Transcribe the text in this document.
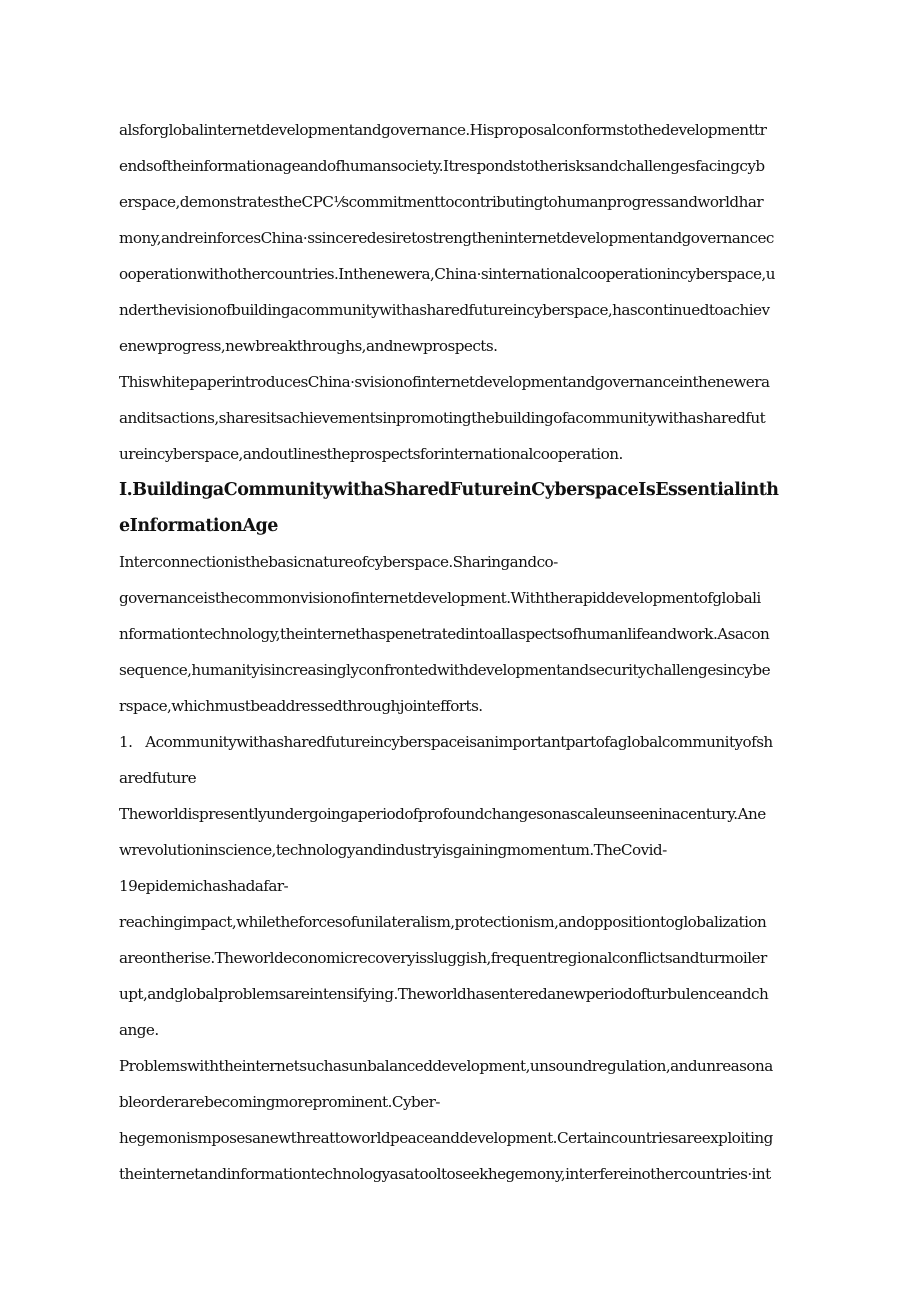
alsforglobalinternetdevelopmentandgovernance.Hisproposalconformstothedevelopmenttr
endsoftheinformationageandofhumansociety.Itrespondstotherisksandchallengesfacingcyb
erspace,demonstratestheCPC⅟scommitmenttocontributingtohumanprogressandworldhar
mony,andreinforcesChina·ssinceredesiretostrengtheninternetdevelopmentandgovernancec
ooperationwithothercountries.Inthenewera,China·sinternationalcooperationincyberspace,u
nderthevisionofbuildingacommunitywithasharedfutureincyberspace,hascontinuedtoachiev
enewprogress,newbreakthroughs,andnewprospects.
ThiswhitepaperintroducesChina·svisionofinternetdevelopmentandgovernanceinthenewera
anditsactions,sharesitsachievementsinpromotingthebuildingofacommunitywithasharedfut
ureincyberspace,andoutlinestheprospectsforinternationalcooperation.
I.BuildingaCommunitywithaSharedFutureinCyberspaceIsEssentialinth
eInformationAge
Interconnectionisthebasicnatureofcyberspace.Sharingandco-
governanceisthecommonvisionofinternetdevelopment.Withtherapiddevelopmentofglobali
nformationtechnology,theinternethaspenetratedintoallaspectsofhumanlifeandwork.Asacon
sequence,humanityisincreasinglyconfrontedwithdevelopmentandsecuritychallengesincybe
rspace,whichmustbeaddressedthroughjointefforts.
1.   Acommunitywithasharedfutureincyberspaceisanimportantpartofaglobalcommunityofsh
aredfuture
Theworldispresentlyundergoingaperiodofprofoundchangesonascaleunseeninacentury.Ane
wrevolutioninscience,technologyandindustryisgainingmomentum.TheCovid-
19epidemichashadafar-
reachingimpact,whiletheforcesofunilateralism,protectionism,andoppositiontoglobalization
areontherise.Theworldeconomicrecoveryissluggish,frequentregionalconflictsandturmoiler
upt,andglobalproblemsareintensifying.Theworldhasenteredanewperiodofturbulenceandch
ange.
Problemswiththeinternetsuchasunbalanceddevelopment,unsoundregulation,andunreasona
bleorderarebecomingmoreprominent.Cyber-
hegemonismposesanewthreattoworldpeaceanddevelopment.Certaincountriesareexploiting
theinternetandinformationtechnologyasatooltoseekhegemony,interfereinothercountries·int
